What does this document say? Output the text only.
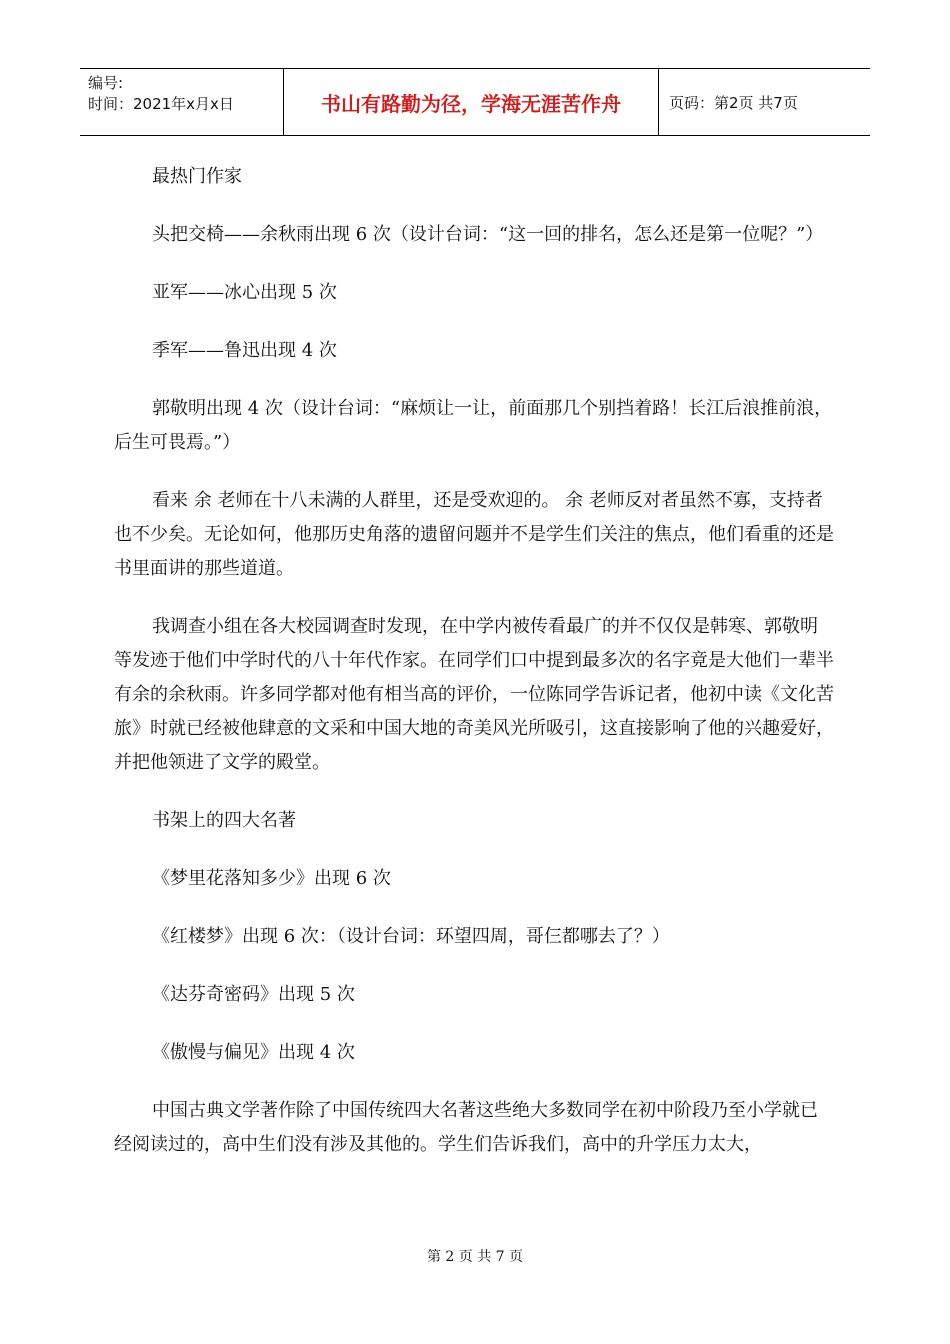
编号:
时间：2021年x月x日	书山有路勤为径，学海无涯苦作舟	页码：第2页 共7页

最热门作家

头把交椅——余秋雨出现 6 次（设计台词：“这一回的排名，怎么还是第一位呢？”）

亚军——冰心出现 5 次

季军——鲁迅出现 4 次

郭敬明出现 4 次（设计台词：“麻烦让一让，前面那几个别挡着路！长江后浪推前浪，后生可畏焉。”）

看来 余 老师在十八未满的人群里，还是受欢迎的。 余 老师反对者虽然不寡，支持者也不少矣。无论如何，他那历史角落的遗留问题并不是学生们关注的焦点，他们看重的还是书里面讲的那些道道。

我调查小组在各大校园调查时发现，在中学内被传看最广的并不仅仅是韩寒、郭敬明等发迹于他们中学时代的八十年代作家。在同学们口中提到最多次的名字竟是大他们一辈半有余的余秋雨。许多同学都对他有相当高的评价，一位陈同学告诉记者，他初中读《文化苦旅》时就已经被他肆意的文采和中国大地的奇美风光所吸引，这直接影响了他的兴趣爱好，并把他领进了文学的殿堂。

书架上的四大名著

《梦里花落知多少》出现 6 次

《红楼梦》出现 6 次：（设计台词：环望四周，哥仨都哪去了？）

《达芬奇密码》出现 5 次

《傲慢与偏见》出现 4 次

中国古典文学著作除了中国传统四大名著这些绝大多数同学在初中阶段乃至小学就已经阅读过的，高中生们没有涉及其他的。学生们告诉我们，高中的升学压力太大，

第 2 页 共 7 页
